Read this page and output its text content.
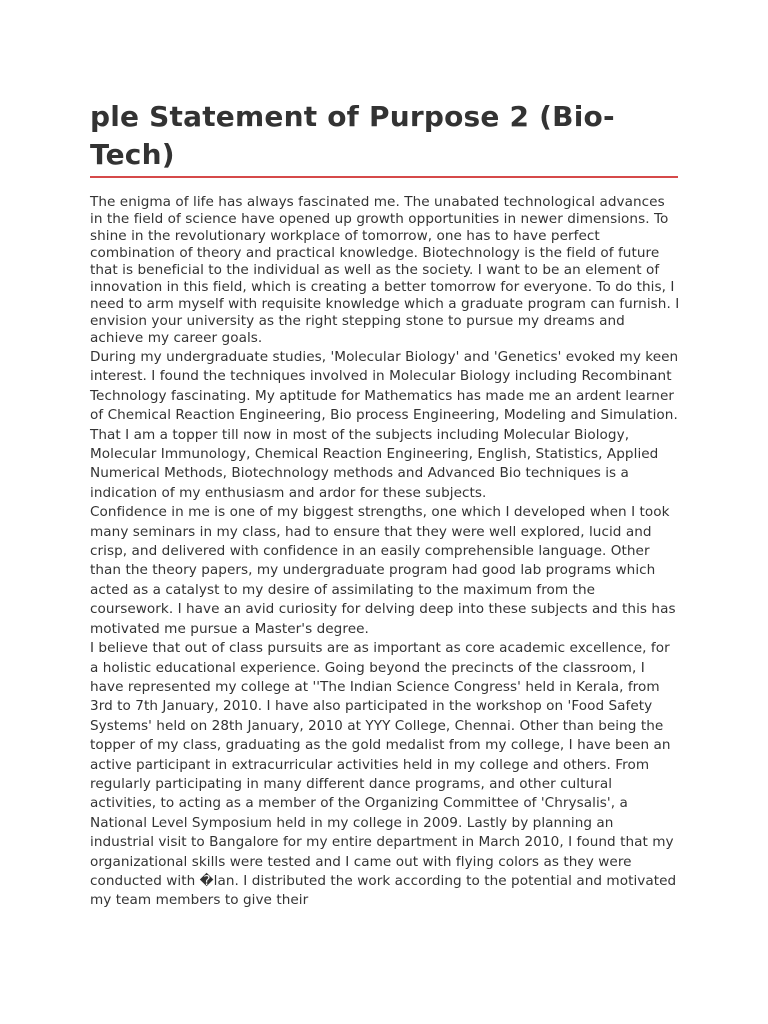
ple Statement of Purpose 2 (Bio-Tech)

The enigma of life has always fascinated me. The unabated technological advances in the field of science have opened up growth opportunities in newer dimensions. To shine in the revolutionary workplace of tomorrow, one has to have perfect combination of theory and practical knowledge. Biotechnology is the field of future that is beneficial to the individual as well as the society. I want to be an element of innovation in this field, which is creating a better tomorrow for everyone. To do this, I need to arm myself with requisite knowledge which a graduate program can furnish. I envision your university as the right stepping stone to pursue my dreams and achieve my career goals.

During my undergraduate studies, 'Molecular Biology' and 'Genetics' evoked my keen interest. I found the techniques involved in Molecular Biology including Recombinant Technology fascinating. My aptitude for Mathematics has made me an ardent learner of Chemical Reaction Engineering, Bio process Engineering, Modeling and Simulation. That I am a topper till now in most of the subjects including Molecular Biology, Molecular Immunology, Chemical Reaction Engineering, English, Statistics, Applied Numerical Methods, Biotechnology methods and Advanced Bio techniques is a indication of my enthusiasm and ardor for these subjects.

Confidence in me is one of my biggest strengths, one which I developed when I took many seminars in my class, had to ensure that they were well explored, lucid and crisp, and delivered with confidence in an easily comprehensible language. Other than the theory papers, my undergraduate program had good lab programs which acted as a catalyst to my desire of assimilating to the maximum from the coursework. I have an avid curiosity for delving deep into these subjects and this has motivated me pursue a Master's degree.

I believe that out of class pursuits are as important as core academic excellence, for a holistic educational experience. Going beyond the precincts of the classroom, I have represented my college at ''The Indian Science Congress' held in Kerala, from 3rd to 7th January, 2010. I have also participated in the workshop on 'Food Safety Systems' held on 28th January, 2010 at YYY College, Chennai. Other than being the topper of my class, graduating as the gold medalist from my college, I have been an active participant in extracurricular activities held in my college and others. From regularly participating in many different dance programs, and other cultural activities, to acting as a member of the Organizing Committee of 'Chrysalis', a National Level Symposium held in my college in 2009. Lastly by planning an industrial visit to Bangalore for my entire department in March 2010, I found that my organizational skills were tested and I came out with flying colors as they were conducted with �lan. I distributed the work according to the potential and motivated my team members to give their
